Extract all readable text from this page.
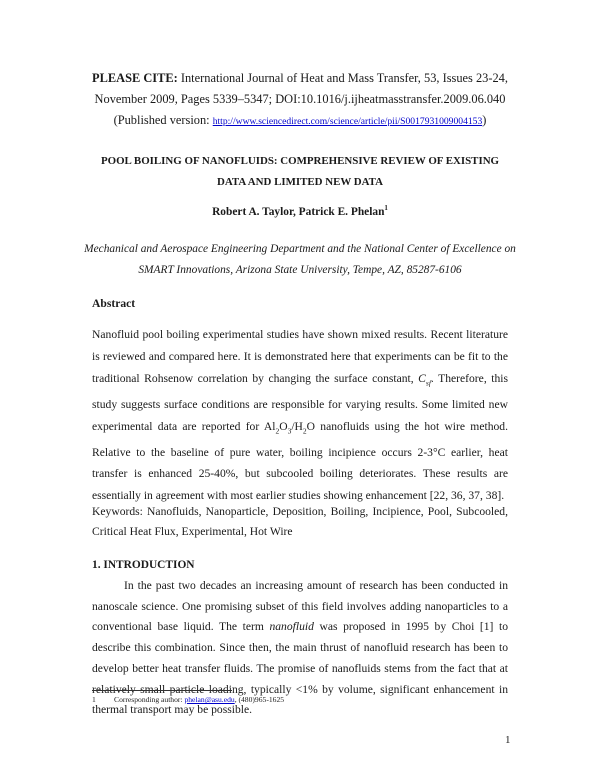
PLEASE CITE: International Journal of Heat and Mass Transfer, 53, Issues 23-24,
November 2009, Pages 5339–5347; DOI:10.1016/j.ijheatmasstransfer.2009.06.040
(Published version: http://www.sciencedirect.com/science/article/pii/S0017931009004153)
POOL BOILING OF NANOFLUIDS: COMPREHENSIVE REVIEW OF EXISTING
DATA AND LIMITED NEW DATA
Robert A. Taylor, Patrick E. Phelan$^1$
Mechanical and Aerospace Engineering Department and the National Center of Excellence on
SMART Innovations, Arizona State University, Tempe, AZ, 85287-6106
Abstract

Nanofluid pool boiling experimental studies have shown mixed results. Recent literature is reviewed and compared here. It is demonstrated here that experiments can be fit to the traditional Rohsenow correlation by changing the surface constant, $C_{sf}$. Therefore, this study suggests surface conditions are responsible for varying results. Some limited new experimental data are reported for $Al_2O_3/H_2O$ nanofluids using the hot wire method. Relative to the baseline of pure water, boiling incipience occurs 2-3°C earlier, heat transfer is enhanced 25-40%, but subcooled boiling deteriorates. These results are essentially in agreement with most earlier studies showing enhancement [22, 36, 37, 38].

Keywords: Nanofluids, Nanoparticle, Deposition, Boiling, Incipience, Pool, Subcooled, Critical Heat Flux, Experimental, Hot Wire

1. INTRODUCTION

In the past two decades an increasing amount of research has been conducted in nanoscale science. One promising subset of this field involves adding nanoparticles to a conventional base liquid. The term nanofluid was proposed in 1995 by Choi [1] to describe this combination. Since then, the main thrust of nanofluid research has been to develop better heat transfer fluids. The promise of nanofluids stems from the fact that at relatively small particle loading, typically <1% by volume, significant enhancement in thermal transport may be possible.

1 Corresponding author: phelan@asu.edu, (480)965-1625
1
